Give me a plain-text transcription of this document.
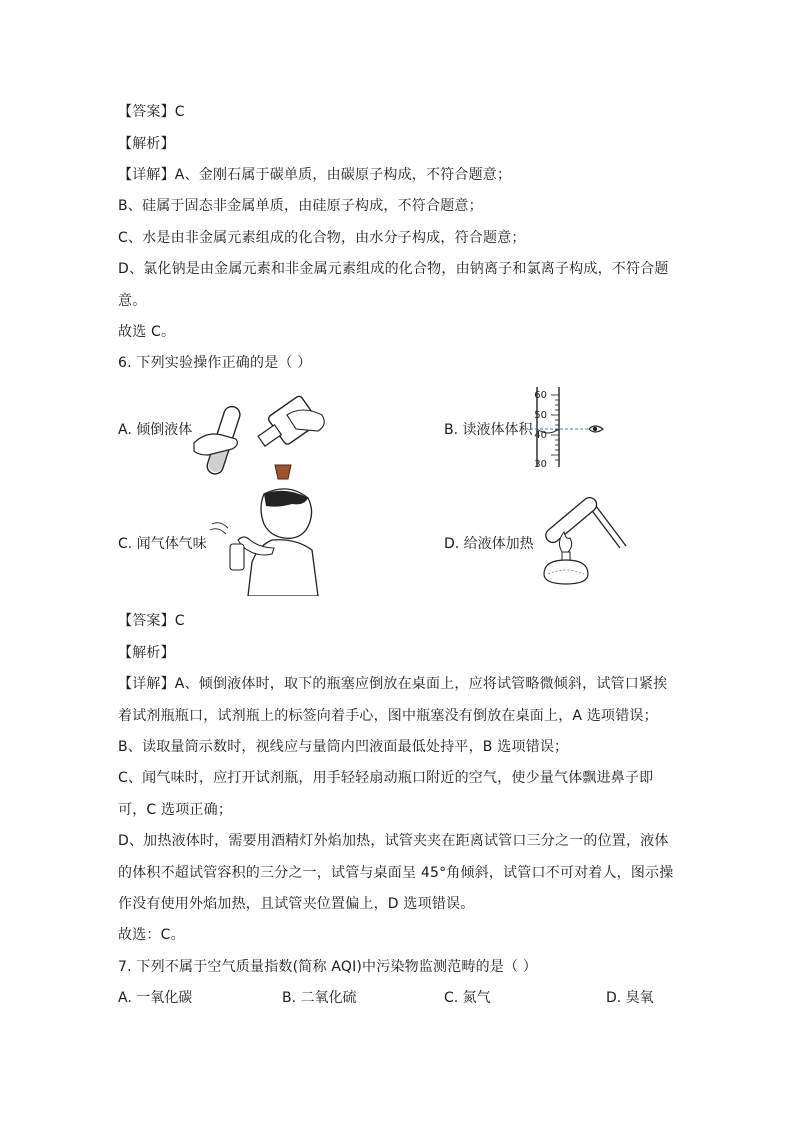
【答案】C
【解析】
【详解】A、金刚石属于碳单质，由碳原子构成，不符合题意；
B、硅属于固态非金属单质，由硅原子构成，不符合题意；
C、水是由非金属元素组成的化合物，由水分子构成，符合题意；
D、氯化钠是由金属元素和非金属元素组成的化合物，由钠离子和氯离子构成，不符合题
意。
故选 C。
6. 下列实验操作正确的是（ ）
A. 倾倒液体	B. 读液体体积
60
50
40
30
C. 闻气体气味	D. 给液体加热
【答案】C
【解析】
【详解】A、倾倒液体时，取下的瓶塞应倒放在桌面上，应将试管略微倾斜，试管口紧挨
着试剂瓶瓶口，试剂瓶上的标签向着手心，图中瓶塞没有倒放在桌面上，A 选项错误；
B、读取量筒示数时，视线应与量筒内凹液面最低处持平，B 选项错误；
C、闻气味时，应打开试剂瓶，用手轻轻扇动瓶口附近的空气，使少量气体飘进鼻子即
可，C 选项正确；
D、加热液体时，需要用酒精灯外焰加热，试管夹夹在距离试管口三分之一的位置，液体
的体积不超试管容积的三分之一，试管与桌面呈 45°角倾斜，试管口不可对着人，图示操
作没有使用外焰加热，且试管夹位置偏上，D 选项错误。
故选：C。
7. 下列不属于空气质量指数(简称 AQI)中污染物监测范畴的是（ ）
A. 一氧化碳	B. 二氧化硫	C. 氮气	D. 臭氧
